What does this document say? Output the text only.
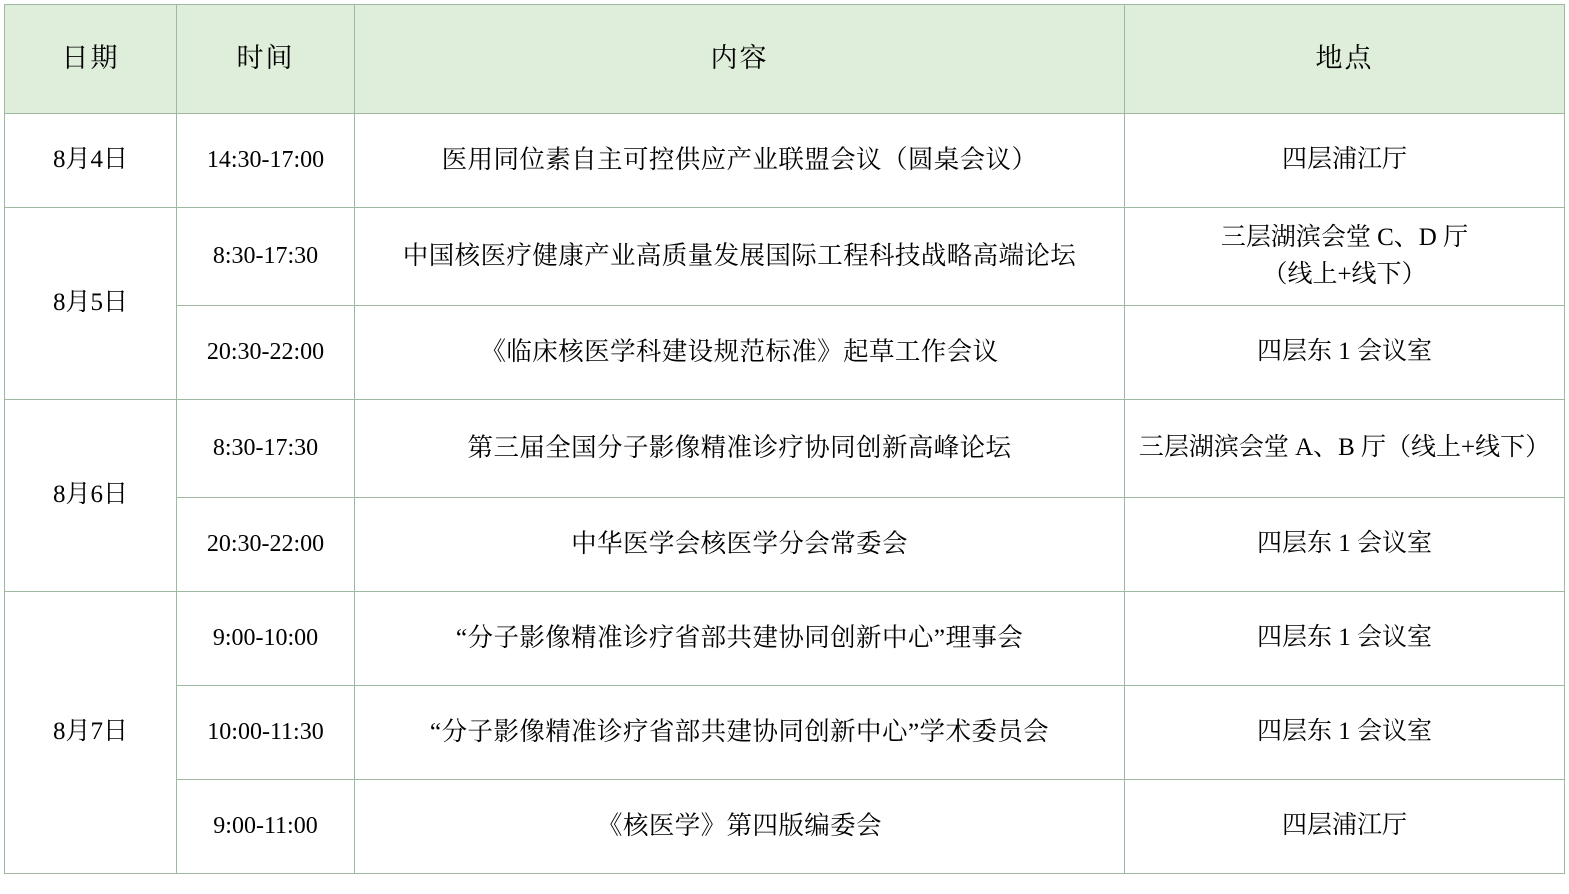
日期	时间	内容	地点
8月4日	14:30-17:00	医用同位素自主可控供应产业联盟会议（圆桌会议）	四层浦江厅
8月5日	8:30-17:30	中国核医疗健康产业高质量发展国际工程科技战略高端论坛	三层湖滨会堂 C、D 厅
（线上+线下）

	20:30-22:00	《临床核医学科建设规范标准》起草工作会议	四层东 1 会议室
8月6日	8:30-17:30	第三届全国分子影像精准诊疗协同创新高峰论坛	三层湖滨会堂 A、B 厅（线上+线下）
	20:30-22:00	中华医学会核医学分会常委会	四层东 1 会议室
8月7日	9:00-10:00	“分子影像精准诊疗省部共建协同创新中心”理事会	四层东 1 会议室
	10:00-11:30	“分子影像精准诊疗省部共建协同创新中心”学术委员会	四层东 1 会议室
	9:00-11:00	《核医学》第四版编委会	四层浦江厅
